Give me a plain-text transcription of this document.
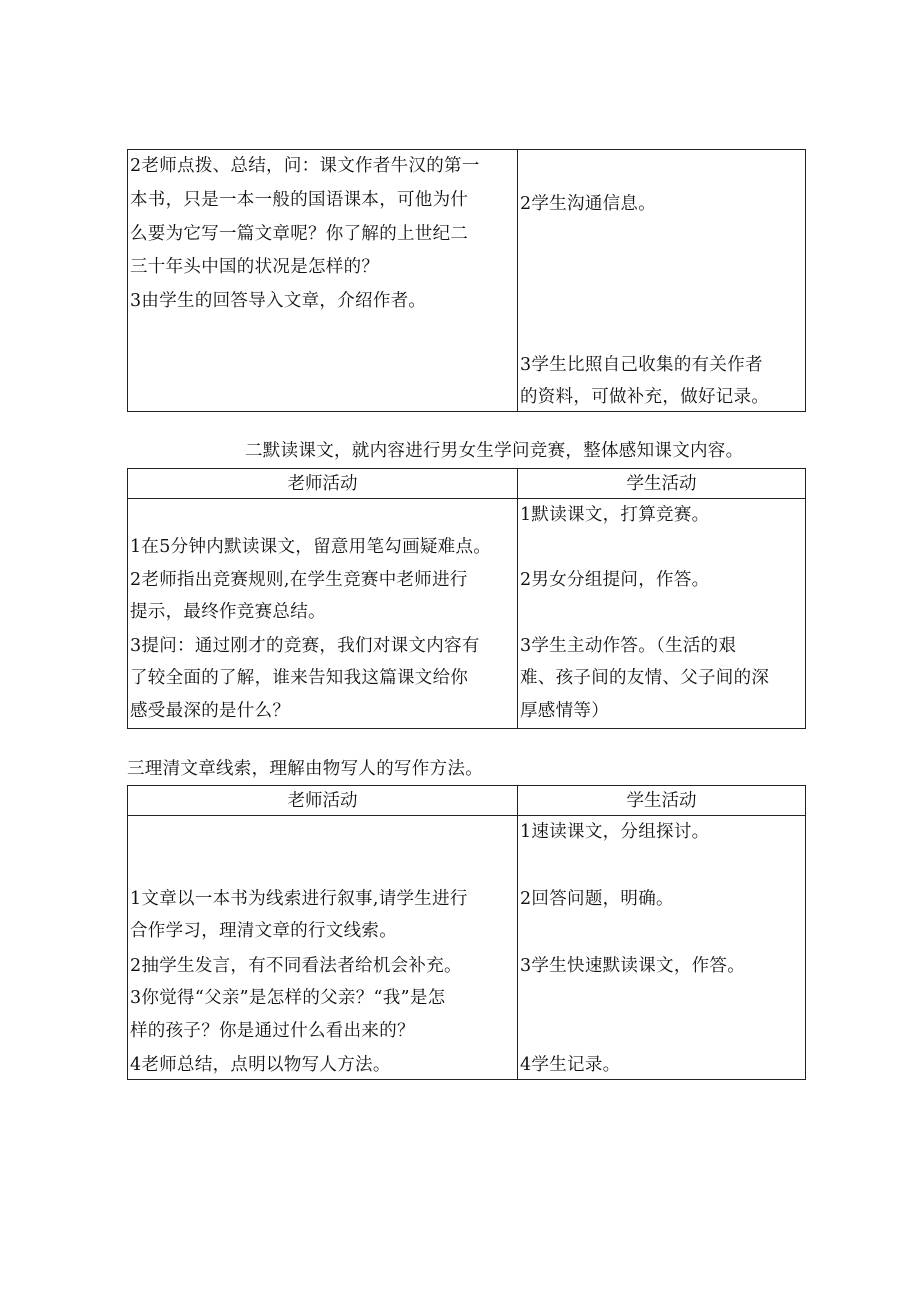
2老师点拨、总结，问：课文作者牛汉的第一
本书，只是一本一般的国语课本，可他为什
么要为它写一篇文章呢？你了解的上世纪二
三十年头中国的状况是怎样的？
3由学生的回答导入文章，介绍作者。
2学生沟通信息。
3学生比照自己收集的有关作者
的资料，可做补充，做好记录。
二默读课文，就内容进行男女生学问竞赛，整体感知课文内容。
老师活动	学生活动
1在5分钟内默读课文，留意用笔勾画疑难点。
2老师指出竞赛规则,在学生竞赛中老师进行
提示，最终作竞赛总结。
3提问：通过刚才的竞赛，我们对课文内容有
了较全面的了解，谁来告知我这篇课文给你
感受最深的是什么？
1默读课文，打算竞赛。
2男女分组提问，作答。
3学生主动作答。（生活的艰
难、孩子间的友情、父子间的深
厚感情等）
三理清文章线索，理解由物写人的写作方法。
老师活动	学生活动
1文章以一本书为线索进行叙事,请学生进行
合作学习，理清文章的行文线索。
2抽学生发言，有不同看法者给机会补充。
3你觉得“父亲”是怎样的父亲？“我”是怎
样的孩子？你是通过什么看出来的？
4老师总结，点明以物写人方法。
1速读课文，分组探讨。
2回答问题，明确。
3学生快速默读课文，作答。
4学生记录。
